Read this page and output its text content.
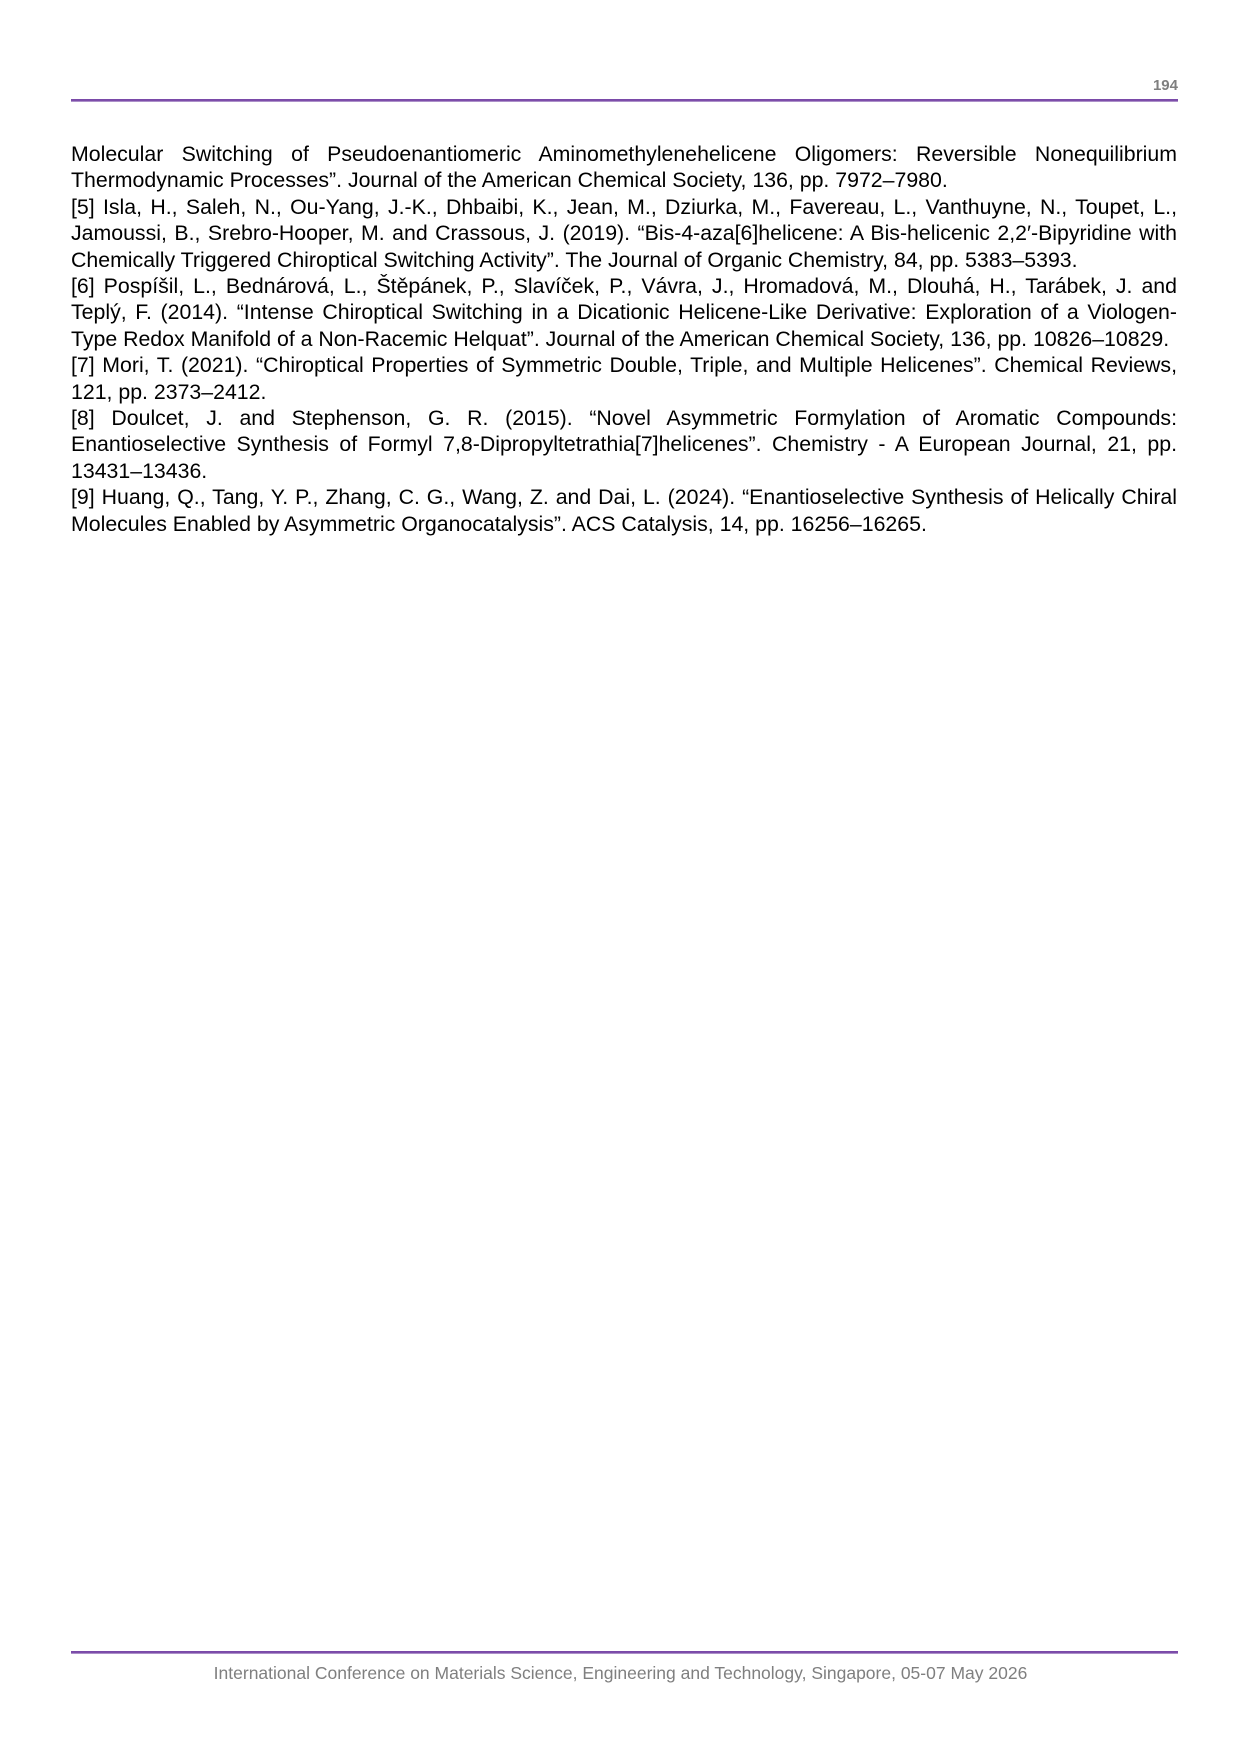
194

Molecular Switching of Pseudoenantiomeric Aminomethylenehelicene Oligomers: Reversible Nonequilibrium Thermodynamic Processes”. Journal of the American Chemical Society, 136, pp. 7972–7980.

[5] Isla, H., Saleh, N., Ou-Yang, J.-K., Dhbaibi, K., Jean, M., Dziurka, M., Favereau, L., Vanthuyne, N., Toupet, L., Jamoussi, B., Srebro-Hooper, M. and Crassous, J. (2019). “Bis-4-aza[6]helicene: A Bis-helicenic 2,2′-Bipyridine with Chemically Triggered Chiroptical Switching Activity”. The Journal of Organic Chemistry, 84, pp. 5383–5393.

[6] Pospíšil, L., Bednárová, L., Štěpánek, P., Slavíček, P., Vávra, J., Hromadová, M., Dlouhá, H., Tarábek, J. and Teplý, F. (2014). “Intense Chiroptical Switching in a Dicationic Helicene-Like Derivative: Exploration of a Viologen-Type Redox Manifold of a Non-Racemic Helquat”. Journal of the American Chemical Society, 136, pp. 10826–10829.

[7] Mori, T. (2021). “Chiroptical Properties of Symmetric Double, Triple, and Multiple Helicenes”. Chemical Reviews, 121, pp. 2373–2412.

[8] Doulcet, J. and Stephenson, G. R. (2015). “Novel Asymmetric Formylation of Aromatic Compounds: Enantioselective Synthesis of Formyl 7,8-Dipropyltetrathia[7]helicenes”. Chemistry - A European Journal, 21, pp. 13431–13436.

[9] Huang, Q., Tang, Y. P., Zhang, C. G., Wang, Z. and Dai, L. (2024). “Enantioselective Synthesis of Helically Chiral Molecules Enabled by Asymmetric Organocatalysis”. ACS Catalysis, 14, pp. 16256–16265.

International Conference on Materials Science, Engineering and Technology, Singapore, 05-07 May 2026
